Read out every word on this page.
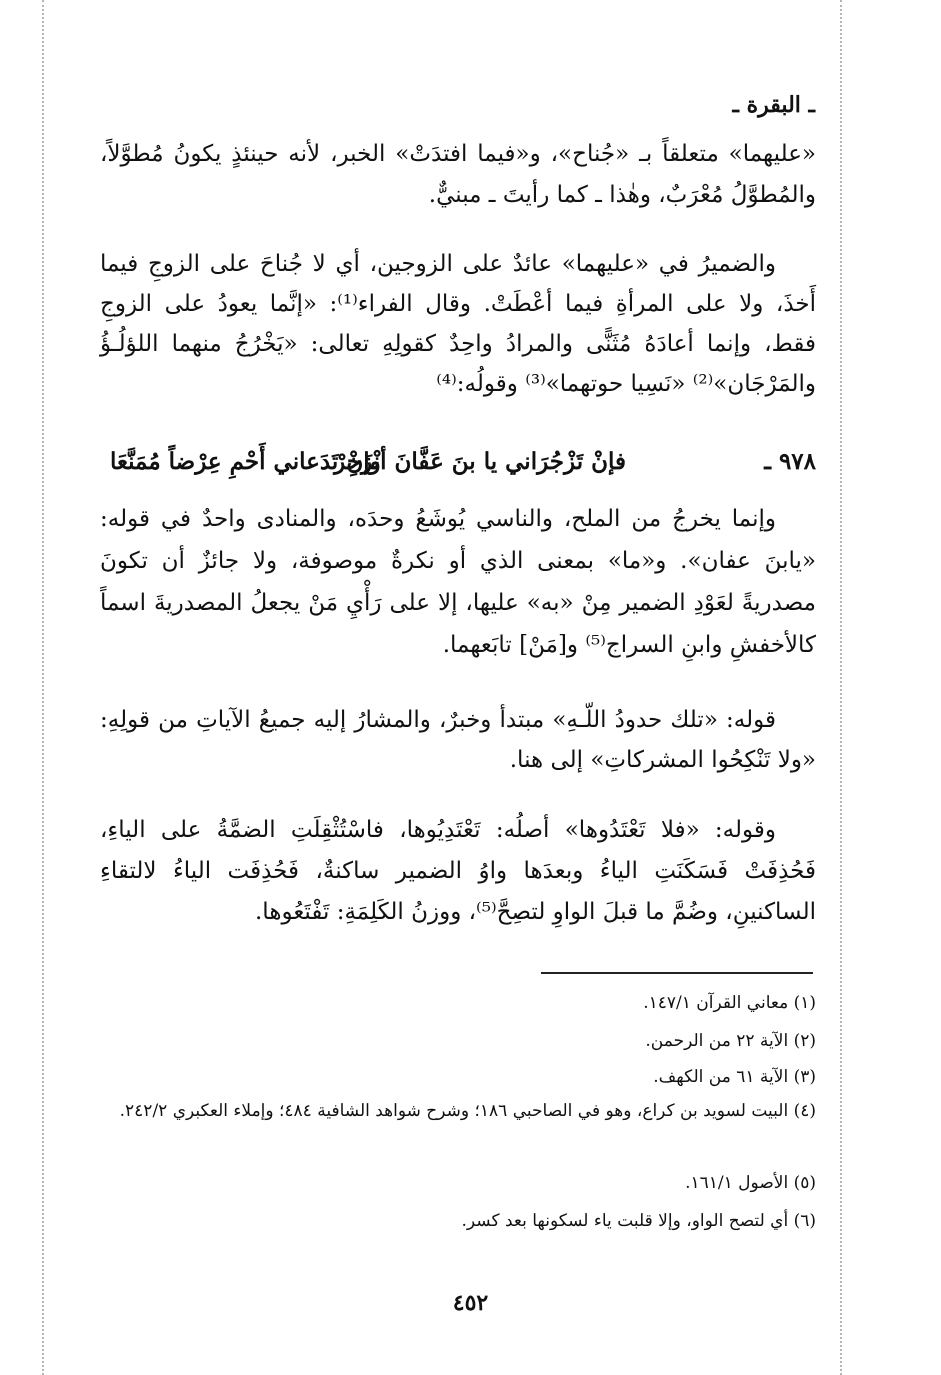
ـ البقرة ـ

«عليهما» متعلقاً بـ «جُناح»، و«فيما افتدَتْ» الخبر، لأنه حينئذٍ يكونُ مُطوَّلاً، والمُطوَّلُ مُعْرَبٌ، وهٰذا ـ كما رأيتَ ـ مبنيٌّ.

والضميرُ في «عليهما» عائدٌ على الزوجين، أي لا جُناحَ على الزوجِ فيما أَخذَ، ولا على المرأةِ فيما أعْطَتْ. وقال الفراء⁽¹⁾: «إنَّما يعودُ على الزوجِ فقط، وإنما أعادَهُ مُثَنًّى والمرادُ واحِدٌ كقولِهِ تعالى: «يَخْرُجُ منهما اللؤلُـؤُ والمَرْجَان»⁽²⁾ «نَسِيا حوتهما»⁽³⁾ وقولُه:⁽⁴⁾

٩٧٨ ـ
فإنْ تَزْجُرَاني يا بنَ عَفَّانَ أنْزَجِرْ
وإنْ تَدَعاني أَحْمِ عِرْضاً مُمَنَّعَا

وإنما يخرجُ من الملح، والناسي يُوشَعُ وحدَه، والمنادى واحدٌ في قوله: «يابنَ عفان». و«ما» بمعنى الذي أو نكرةٌ موصوفة، ولا جائزٌ أن تكونَ مصدريةً لعَوْدِ الضمير مِنْ «به» عليها، إلا على رَأْيِ مَنْ يجعلُ المصدريةَ اسماً كالأخفشِ وابنِ السراج⁽⁵⁾ و[مَنْ] تابَعهما.

قوله: «تلك حدودُ اللّـهِ» مبتدأ وخبرٌ، والمشارُ إليه جميعُ الآياتِ من قولِهِ: «ولا تَنْكِحُوا المشركاتِ» إلى هنا.

وقوله: «فلا تَعْتَدُوها» أصلُه: تَعْتَدِيُوها، فاسْتُثْقِلَتِ الضمَّةُ على الياءِ، فَحُذِفَتْ فَسَكَنَتِ الياءُ وبعدَها واوُ الضمير ساكنةٌ، فَحُذِفَت الياءُ لالتقاءِ الساكنينِ، وضُمَّ ما قبلَ الواوِ لتصِحَّ⁽⁵⁾، ووزنُ الكَلِمَةِ: تَفْتَعُوها.

(١) معاني القرآن ١٤٧/١.
(٢) الآية ٢٢ من الرحمن.
(٣) الآية ٦١ من الكهف.
(٤) البيت لسويد بن كراع، وهو في الصاحبي ١٨٦؛ وشرح شواهد الشافية ٤٨٤؛ وإملاء العكبري ٢٤٢/٢.
(٥) الأصول ١٦١/١.
(٦) أي لتصح الواو، وإلا قلبت ياء لسكونها بعد كسر.
٤٥٢
